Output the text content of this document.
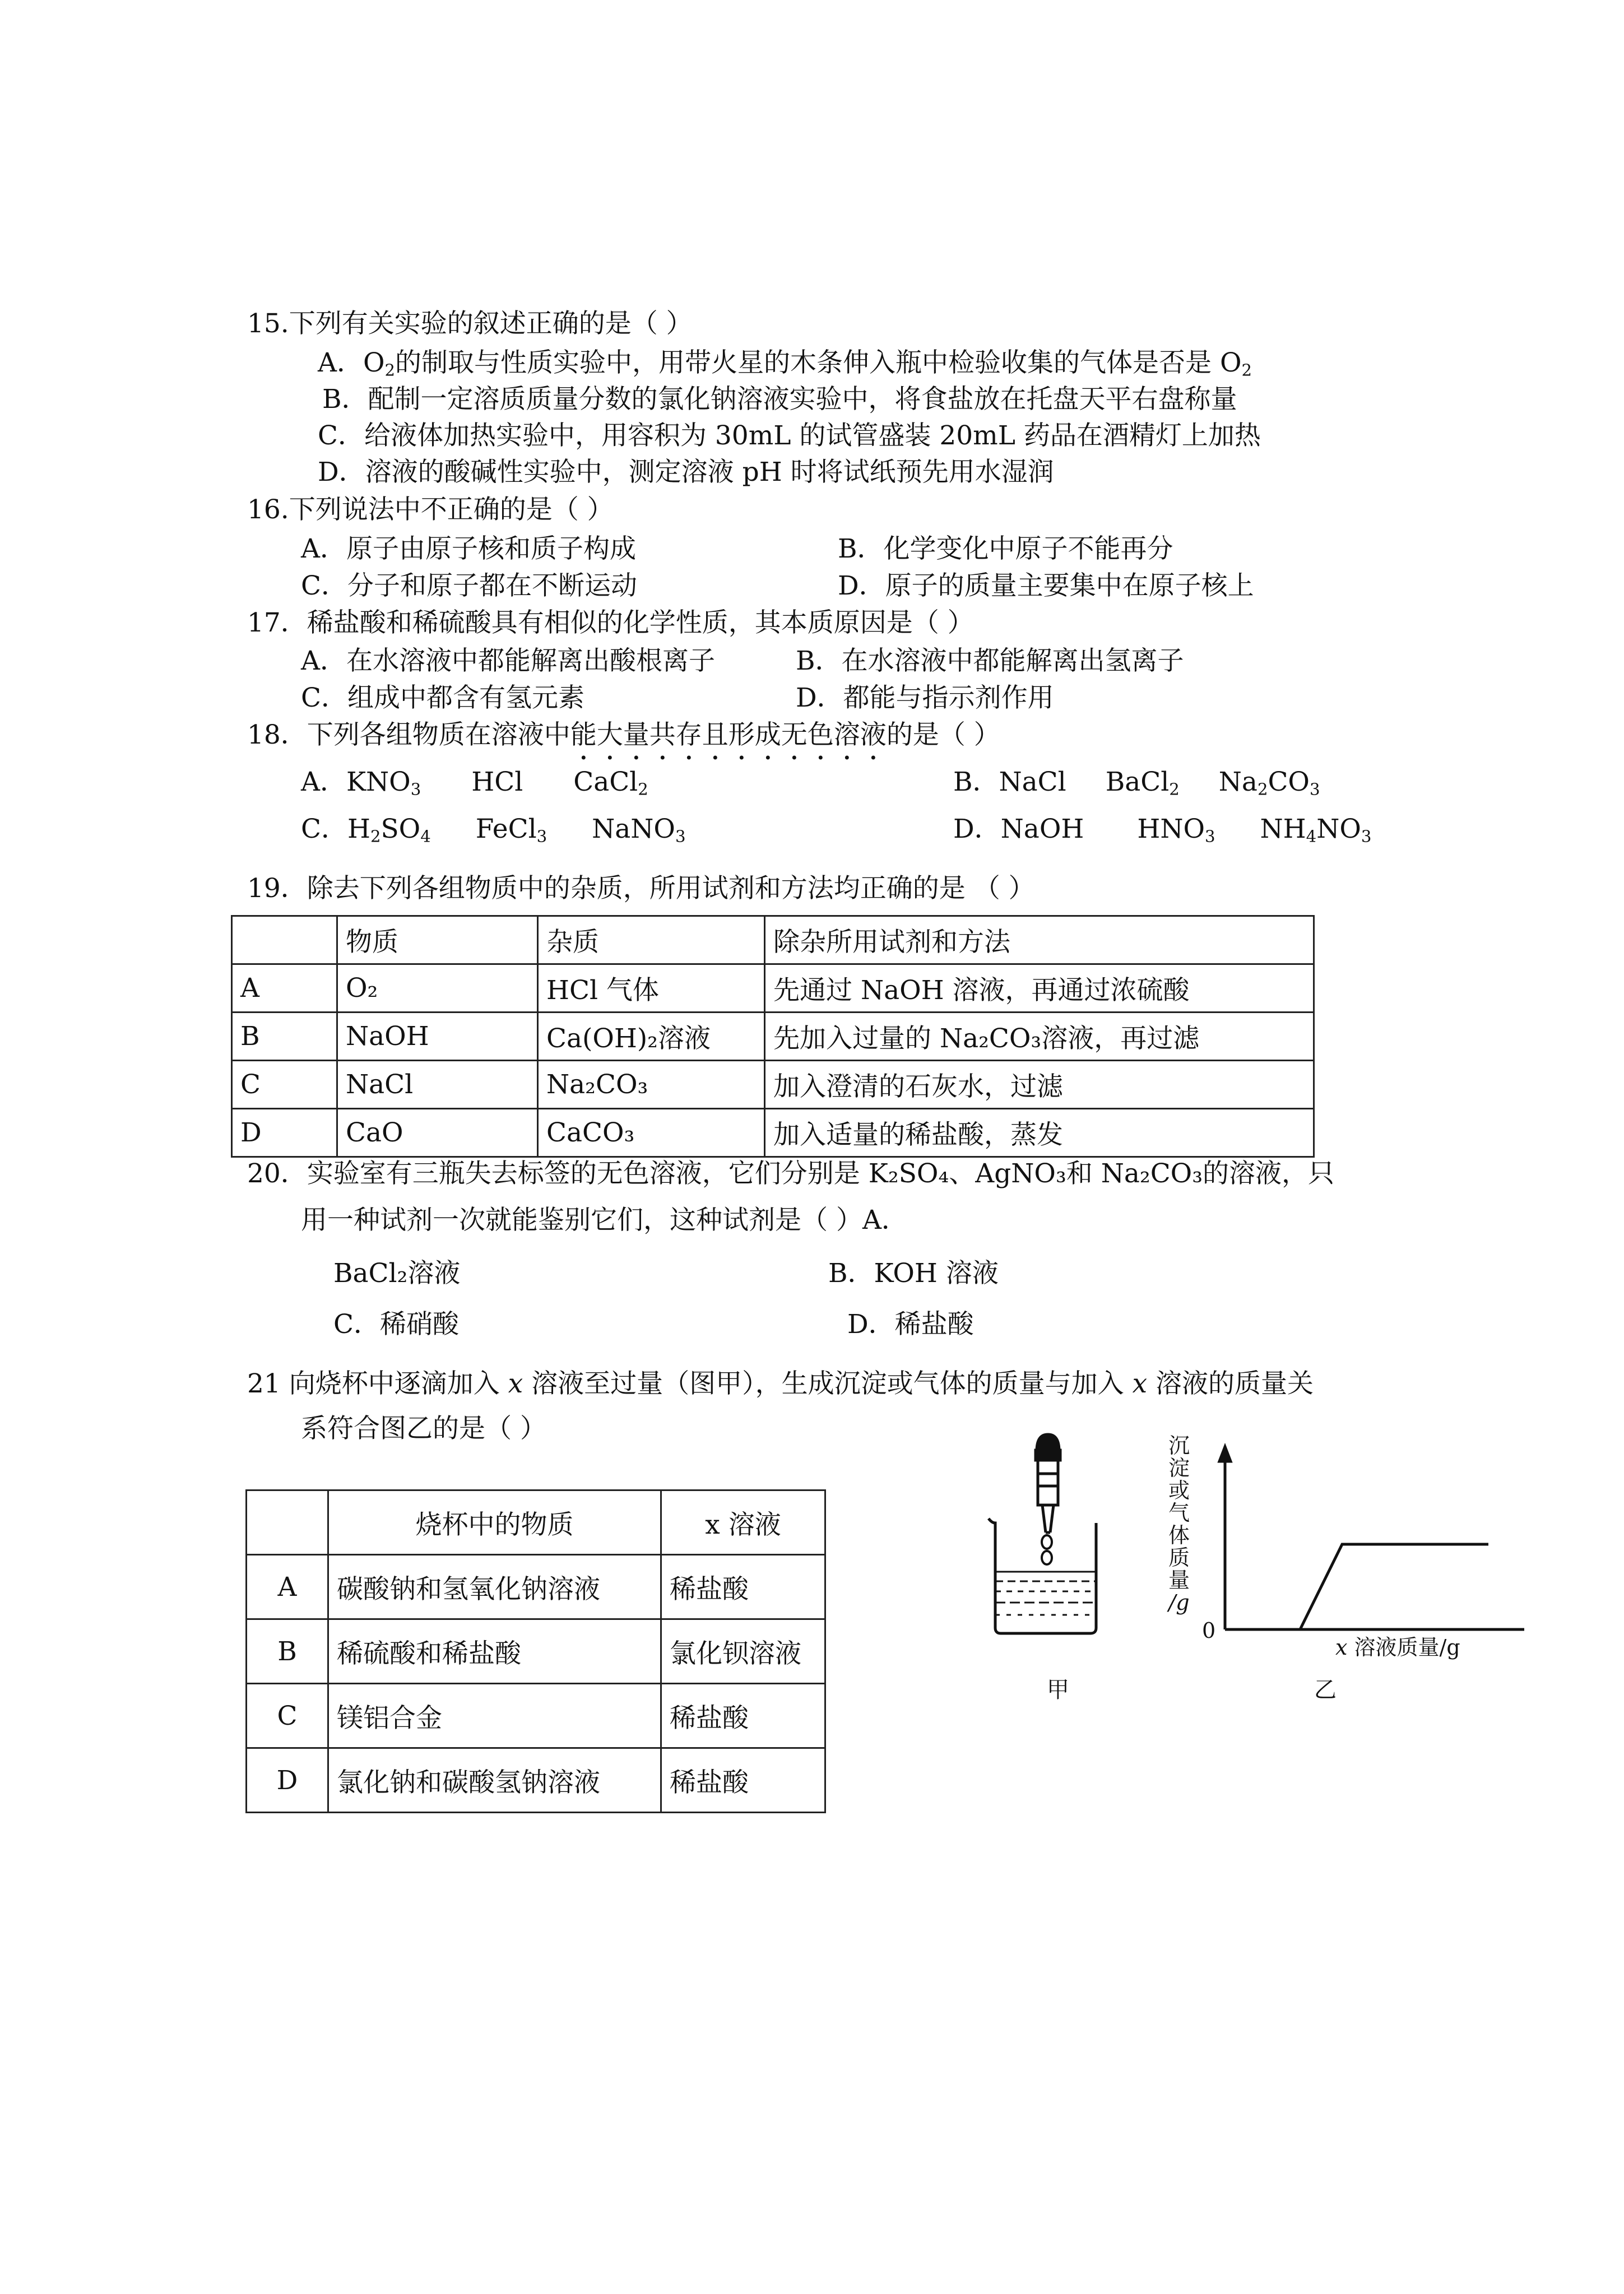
15.下列有关实验的叙述正确的是（ ）
A．$O_2$的制取与性质实验中，用带火星的木条伸入瓶中检验收集的气体是否是 $O_2$
B．配制一定溶质质量分数的氯化钠溶液实验中，将食盐放在托盘天平右盘称量
C．给液体加热实验中，用容积为 30mL 的试管盛装 20mL 药品在酒精灯上加热
D．溶液的酸碱性实验中，测定溶液 pH 时将试纸预先用水湿润
16.下列说法中不正确的是（ ）
A．原子由原子核和质子构成	B．化学变化中原子不能再分
C．分子和原子都在不断运动	D．原子的质量主要集中在原子核上
17．稀盐酸和稀硫酸具有相似的化学性质，其本质原因是（ ）
A．在水溶液中都能解离出酸根离子	B．在水溶液中都能解离出氢离子
C．组成中都含有氢元素	D．都能与指示剂作用
18．下列各组物质在溶液中能大量共存且形成无色溶液的是（ ）
A．$KNO_3$ HCl CaCl$_2$	B．NaCl BaCl$_2$ $Na_2CO_3$
C．$H_2SO_4$ FeCl$_3$ NaNO$_3$	D．NaOH $HNO_3$ $NH_4NO_3$
19．除去下列各组物质中的杂质，所用试剂和方法均正确的是 （ ）
	物质	杂质	除杂所用试剂和方法
A	O₂	HCl 气体	先通过 NaOH 溶液，再通过浓硫酸
B	NaOH	Ca(OH)₂溶液	先加入过量的 Na₂CO₃溶液，再过滤
C	NaCl	Na₂CO₃	加入澄清的石灰水，过滤
D	CaO	CaCO₃	加入适量的稀盐酸，蒸发
20．实验室有三瓶失去标签的无色溶液，它们分别是 K₂SO₄、AgNO₃和 Na₂CO₃的溶液，只
用一种试剂一次就能鉴别它们，这种试剂是（ ）A．
BaCl₂溶液	B．KOH 溶液
C．稀硝酸	D．稀盐酸
21 向烧杯中逐滴加入 x 溶液至过量（图甲），生成沉淀或气体的质量与加入 x 溶液的质量关
系符合图乙的是（ ）
	烧杯中的物质	x 溶液
A	碳酸钠和氢氧化钠溶液	稀盐酸
B	稀硫酸和稀盐酸	氯化钡溶液
C	镁铝合金	稀盐酸
D	氯化钠和碳酸氢钠溶液	稀盐酸
甲
沉
淀
或
气
体
质
量
/g
0
x 溶液质量/g
乙
